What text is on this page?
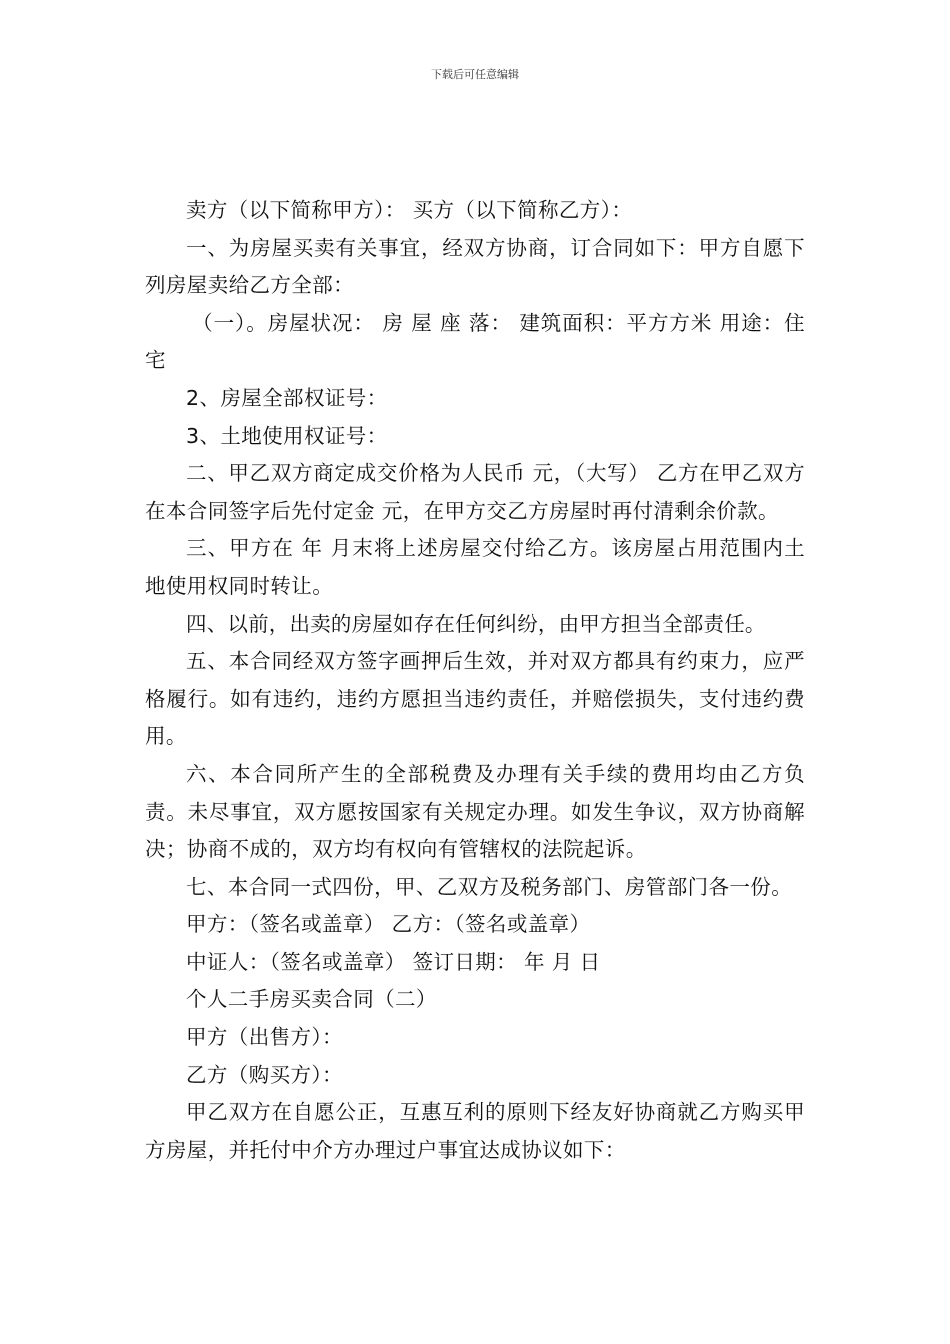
下载后可任意编辑

卖方（以下简称甲方）： 买方（以下简称乙方）：

一、为房屋买卖有关事宜，经双方协商，订合同如下：甲方自愿下列房屋卖给乙方全部：

（一）。房屋状况： 房 屋 座 落： 建筑面积：平方方米 用途：住宅

2、房屋全部权证号：

3、土地使用权证号：

二、甲乙双方商定成交价格为人民币 元，（大写） 乙方在甲乙双方在本合同签字后先付定金 元，在甲方交乙方房屋时再付清剩余价款。

三、甲方在 年 月末将上述房屋交付给乙方。该房屋占用范围内土地使用权同时转让。

四、以前，出卖的房屋如存在任何纠纷，由甲方担当全部责任。

五、本合同经双方签字画押后生效，并对双方都具有约束力，应严格履行。如有违约，违约方愿担当违约责任，并赔偿损失，支付违约费用。

六、本合同所产生的全部税费及办理有关手续的费用均由乙方负责。未尽事宜，双方愿按国家有关规定办理。如发生争议，双方协商解决；协商不成的，双方均有权向有管辖权的法院起诉。

七、本合同一式四份，甲、乙双方及税务部门、房管部门各一份。

甲方：（签名或盖章） 乙方：（签名或盖章）

中证人：（签名或盖章） 签订日期： 年 月 日

个人二手房买卖合同（二）

甲方（出售方）：

乙方（购买方）：

甲乙双方在自愿公正，互惠互利的原则下经友好协商就乙方购买甲方房屋，并托付中介方办理过户事宜达成协议如下：
